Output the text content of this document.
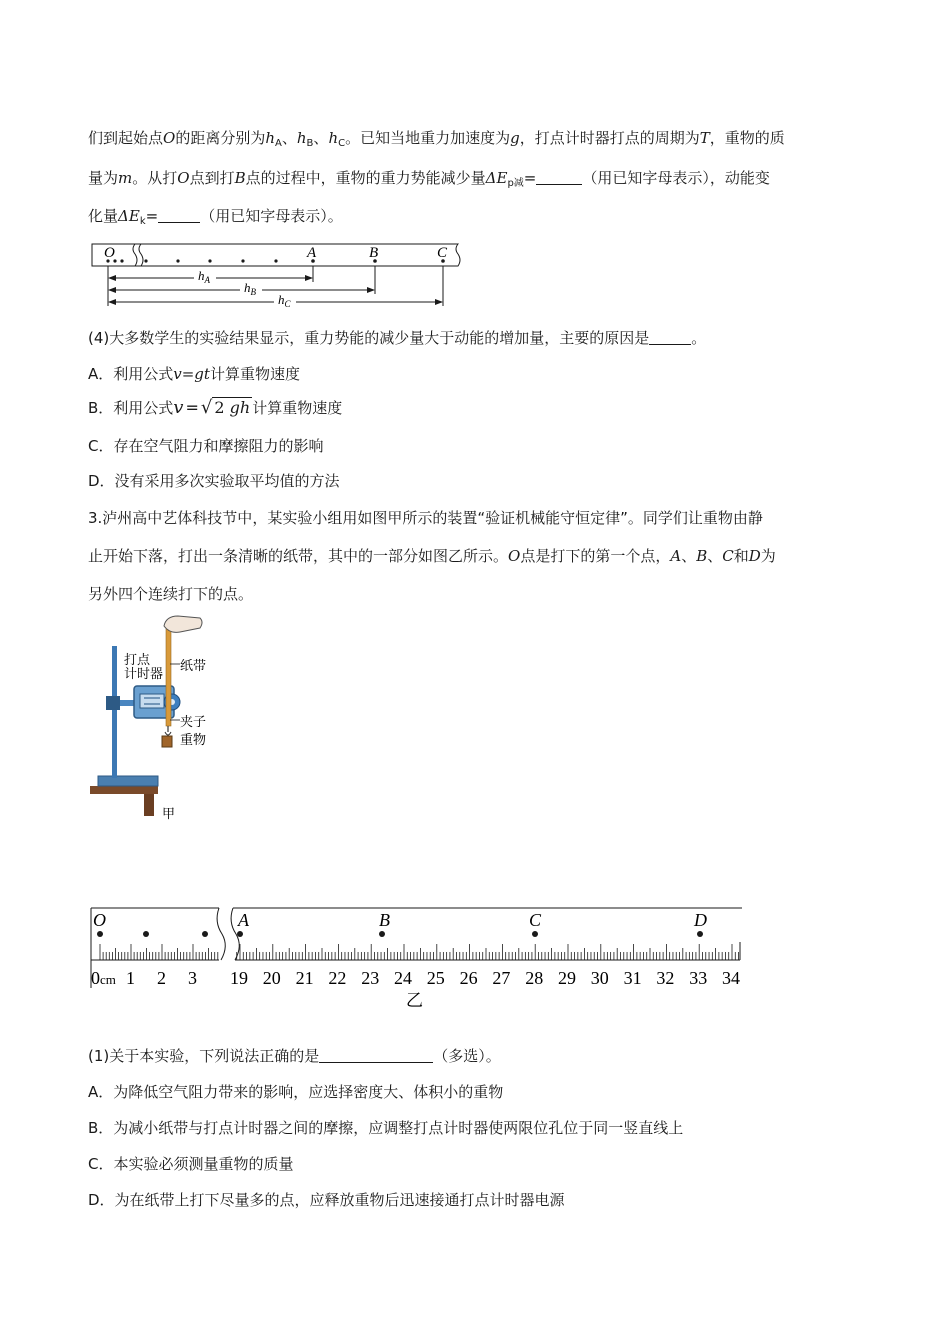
们到起始点O的距离分别为$h_A$、$h_B$、$h_C$。已知当地重力加速度为g，打点计时器打点的周期为T，重物的质
量为m。从打O点到打B点的过程中，重物的重力势能减少量$\Delta E_{p减}=$	（用已知字母表示），动能变
化量$\Delta E_k=$	（用已知字母表示）。
O	A	B	C
$h_A$	$h_B$ $h_C$
(4)大多数学生的实验结果显示，重力势能的减少量大于动能的增加量，主要的原因是	。
A．利用公式v=gt计算重物速度
B．利用公式v = √ 2 gh 计算重物速度
C．存在空气阻力和摩擦阻力的影响
D．没有采用多次实验取平均值的方法
3.泸州高中艺体科技节中，某实验小组用如图甲所示的装置“验证机械能守恒定律”。同学们让重物由静
止开始下落，打出一条清晰的纸带，其中的一部分如图乙所示。O点是打下的第一个点，A、B、C和D为
另外四个连续打下的点。
打点
计时器
纸带
夹子
重物
甲
1 2 3 19 20 21 22 23 24 25 26 27 28 29 30 31 32 33 34
O	A	B	C	D
0cm
乙
(1)关于本实验，下列说法正确的是	（多选）。
A．为降低空气阻力带来的影响，应选择密度大、体积小的重物
B．为减小纸带与打点计时器之间的摩擦，应调整打点计时器使两限位孔位于同一竖直线上
C．本实验必须测量重物的质量
D．为在纸带上打下尽量多的点，应释放重物后迅速接通打点计时器电源
